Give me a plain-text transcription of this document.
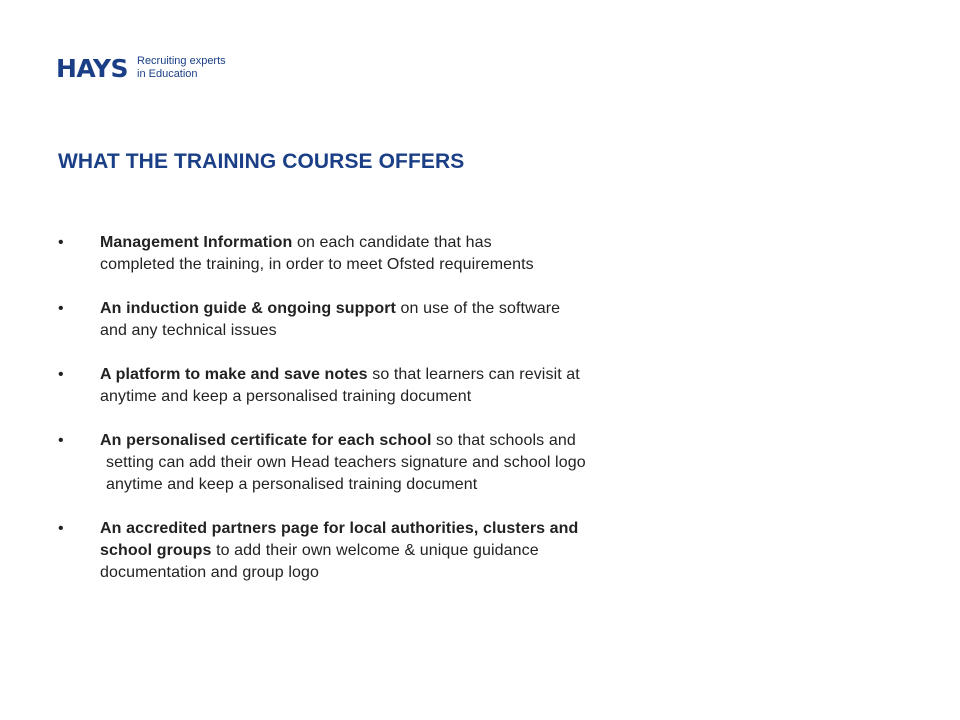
HAYS Recruiting experts
in Education
WHAT THE TRAINING COURSE OFFERS
• Management Information on each candidate that has
completed the training, in order to meet Ofsted requirements
• An induction guide & ongoing support on use of the software
and any technical issues
• A platform to make and save notes so that learners can revisit at
anytime and keep a personalised training document
• An personalised certificate for each school so that schools and
setting can add their own Head teachers signature and school logo
anytime and keep a personalised training document
• An accredited partners page for local authorities, clusters and
school groups to add their own welcome & unique guidance
documentation and group logo
